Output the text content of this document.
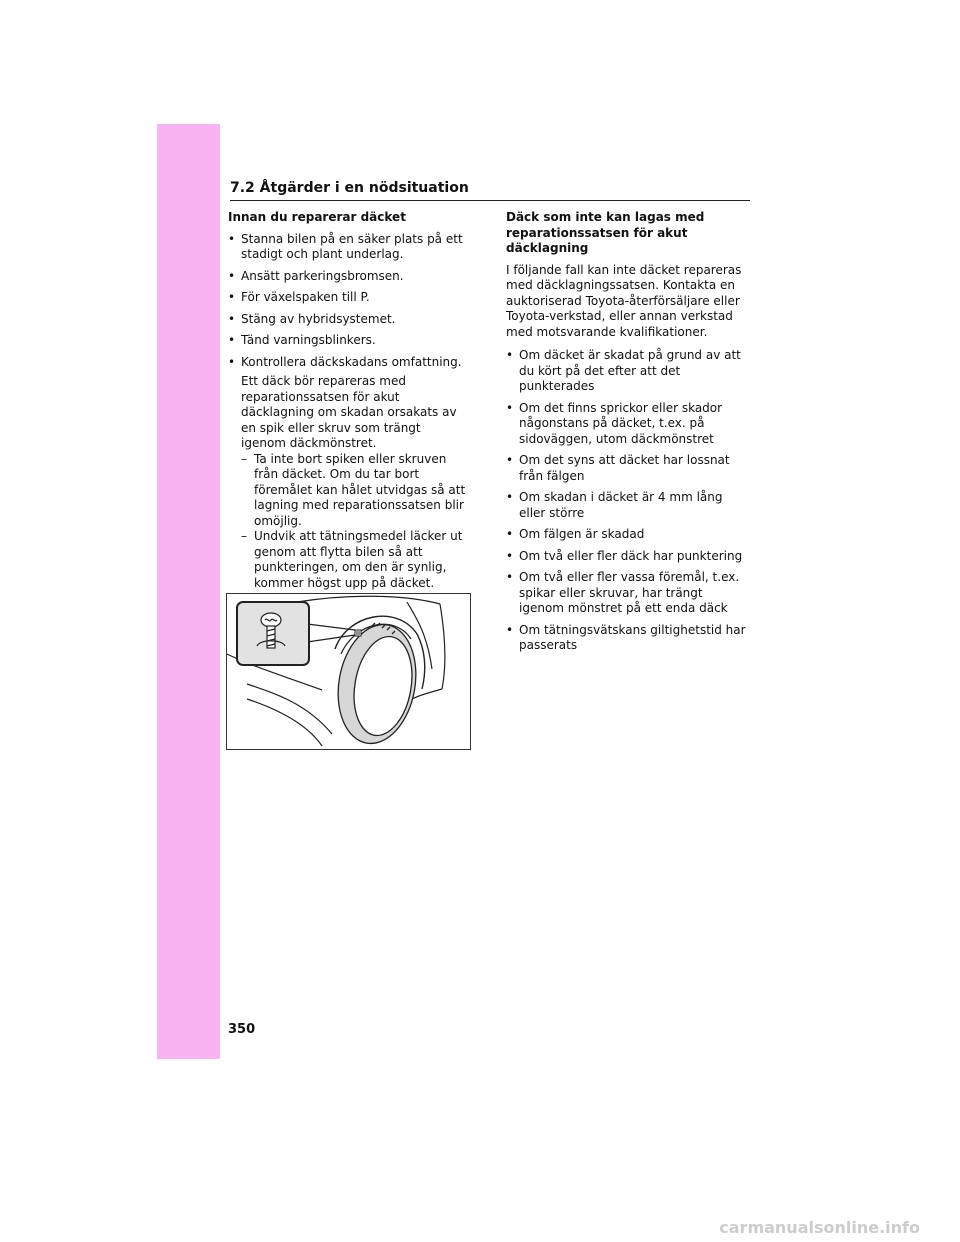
7.2 Åtgärder i en nödsituation
Innan du reparerar däcket
• Stanna bilen på en säker plats på ett stadigt och plant underlag.
• Ansätt parkeringsbromsen.
• För växelspaken till P.
• Stäng av hybridsystemet.
• Tänd varningsblinkers.
• Kontrollera däckskadans omfattning.

Ett däck bör repareras med reparationssatsen för akut däcklagning om skadan orsakats av en spik eller skruv som trängt igenom däckmönstret.

– Ta inte bort spiken eller skruven från däcket. Om du tar bort föremålet kan hålet utvidgas så att lagning med reparationssatsen blir omöjlig.
– Undvik att tätningsmedel läcker ut genom att flytta bilen så att punkteringen, om den är synlig, kommer högst upp på däcket.
Däck som inte kan lagas med reparationssatsen för akut däcklagning

I följande fall kan inte däcket repareras med däcklagningssatsen. Kontakta en auktoriserad Toyota-återförsäljare eller Toyota-verkstad, eller annan verkstad med motsvarande kvalifikationer.

• Om däcket är skadat på grund av att du kört på det efter att det punkterades
• Om det finns sprickor eller skador någonstans på däcket, t.ex. på sidoväggen, utom däckmönstret
• Om det syns att däcket har lossnat från fälgen
• Om skadan i däcket är 4 mm lång eller större
• Om fälgen är skadad
• Om två eller fler däck har punktering
• Om två eller fler vassa föremål, t.ex. spikar eller skruvar, har trängt igenom mönstret på ett enda däck
• Om tätningsvätskans giltighetstid har passerats
350
carmanualsonline.info
